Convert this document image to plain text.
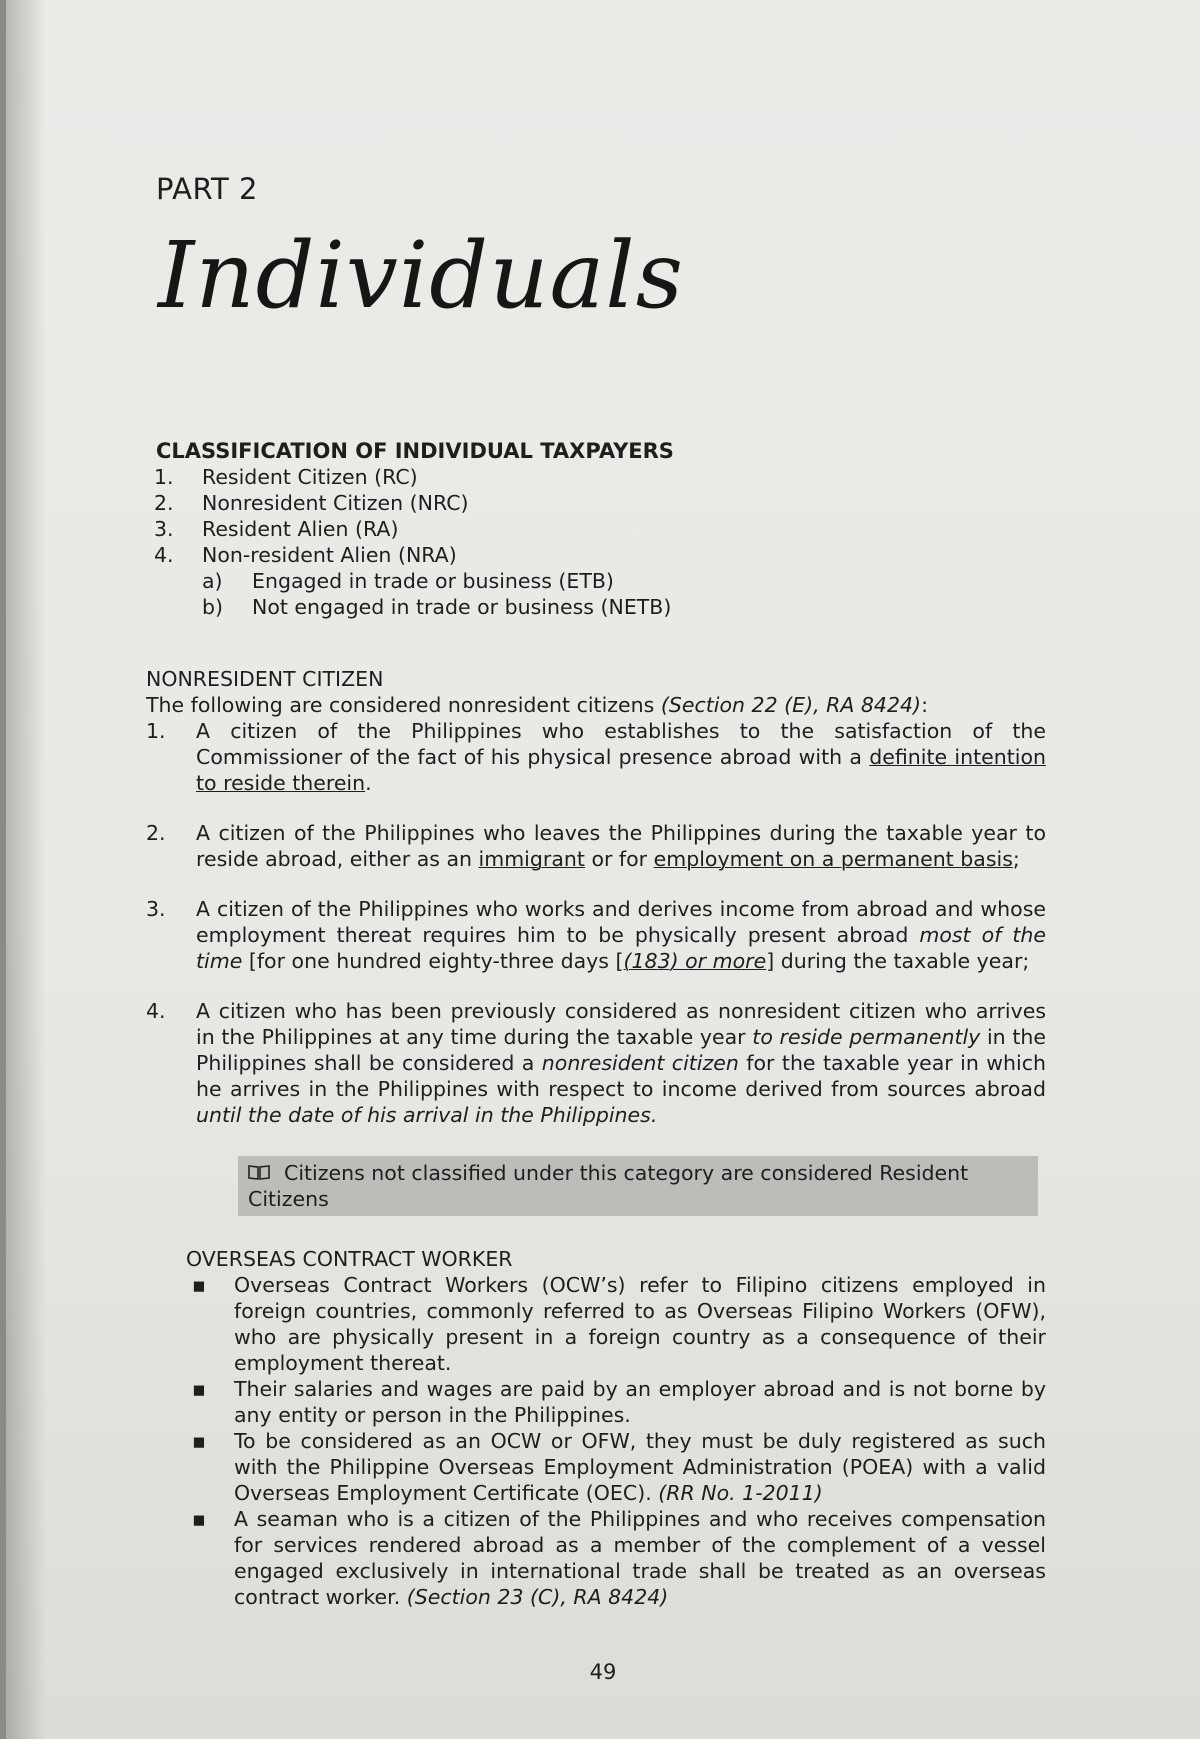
PART 2
Individuals
CLASSIFICATION OF INDIVIDUAL TAXPAYERS
1. Resident Citizen (RC)
2. Nonresident Citizen (NRC)
3. Resident Alien (RA)
4. Non-resident Alien (NRA)
a) Engaged in trade or business (ETB)
b) Not engaged in trade or business (NETB)
NONRESIDENT CITIZEN
The following are considered nonresident citizens (Section 22 (E), RA 8424):
1. A citizen of the Philippines who establishes to the satisfaction of the Commissioner of the fact of his physical presence abroad with a definite intention to reside therein.
2. A citizen of the Philippines who leaves the Philippines during the taxable year to reside abroad, either as an immigrant or for employment on a permanent basis;
3. A citizen of the Philippines who works and derives income from abroad and whose employment thereat requires him to be physically present abroad most of the time [for one hundred eighty-three days [(183) or more] during the taxable year;
4. A citizen who has been previously considered as nonresident citizen who arrives in the Philippines at any time during the taxable year to reside permanently in the Philippines shall be considered a nonresident citizen for the taxable year in which he arrives in the Philippines with respect to income derived from sources abroad until the date of his arrival in the Philippines.
Citizens not classified under this category are considered Resident Citizens
OVERSEAS CONTRACT WORKER
▪ Overseas Contract Workers (OCW’s) refer to Filipino citizens employed in foreign countries, commonly referred to as Overseas Filipino Workers (OFW), who are physically present in a foreign country as a consequence of their employment thereat.
▪ Their salaries and wages are paid by an employer abroad and is not borne by any entity or person in the Philippines.
▪ To be considered as an OCW or OFW, they must be duly registered as such with the Philippine Overseas Employment Administration (POEA) with a valid Overseas Employment Certificate (OEC). (RR No. 1-2011)
▪ A seaman who is a citizen of the Philippines and who receives compensation for services rendered abroad as a member of the complement of a vessel engaged exclusively in international trade shall be treated as an overseas contract worker. (Section 23 (C), RA 8424)
49
